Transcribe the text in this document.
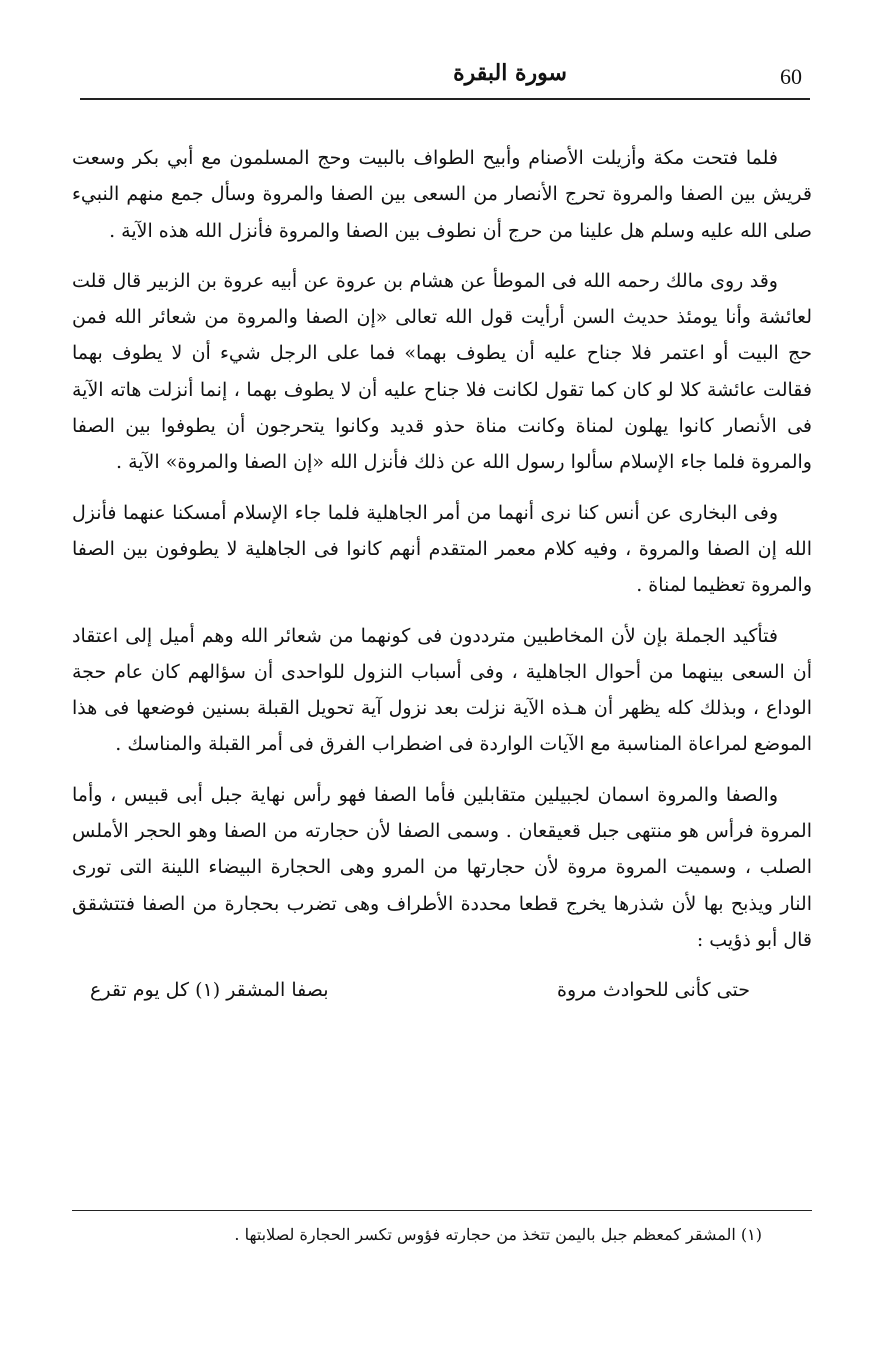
سورة البقرة	60

فلما فتحت مكة وأزيلت الأصنام وأبيح الطواف بالبيت وحج المسلمون مع أبي بكر وسعت قريش بين الصفا والمروة تحرج الأنصار من السعى بين الصفا والمروة وسأل جمع منهم النبيء صلى الله عليه وسلم هل علينا من حرج أن نطوف بين الصفا والمروة فأنزل الله هذه الآية .

وقد روى مالك رحمه الله فى الموطأ عن هشام بن عروة عن أبيه عروة بن الزبير قال قلت لعائشة وأنا يومئذ حديث السن أرأيت قول الله تعالى «إن الصفا والمروة من شعائر الله فمن حج البيت أو اعتمر فلا جناح عليه أن يطوف بهما» فما على الرجل شيء أن لا يطوف بهما فقالت عائشة كلا لو كان كما تقول لكانت فلا جناح عليه أن لا يطوف بهما ، إنما أنزلت هاته الآية فى الأنصار كانوا يهلون لمناة وكانت مناة حذو قديد وكانوا يتحرجون أن يطوفوا بين الصفا والمروة فلما جاء الإسلام سألوا رسول الله عن ذلك فأنزل الله «إن الصفا والمروة» الآية .

وفى البخارى عن أنس كنا نرى أنهما من أمر الجاهلية فلما جاء الإسلام أمسكنا عنهما فأنزل الله إن الصفا والمروة ، وفيه كلام معمر المتقدم أنهم كانوا فى الجاهلية لا يطوفون بين الصفا والمروة تعظيما لمناة .

فتأكيد الجملة بإن لأن المخاطبين مترددون فى كونهما من شعائر الله وهم أميل إلى اعتقاد أن السعى بينهما من أحوال الجاهلية ، وفى أسباب النزول للواحدى أن سؤالهم كان عام حجة الوداع ، وبذلك كله يظهر أن هـذه الآية نزلت بعد نزول آية تحويل القبلة بسنين فوضعها فى هذا الموضع لمراعاة المناسبة مع الآيات الواردة فى اضطراب الفرق فى أمر القبلة والمناسك .

والصفا والمروة اسمان لجبيلين متقابلين فأما الصفا فهو رأس نهاية جبل أبى قبيس ، وأما المروة فرأس هو منتهى جبل قعيقعان . وسمى الصفا لأن حجارته من الصفا وهو الحجر الأملس الصلب ، وسميت المروة مروة لأن حجارتها من المرو وهى الحجارة البيضاء اللينة التى تورى النار ويذبح بها لأن شذرها يخرج قطعا محددة الأطراف وهى تضرب بحجارة من الصفا فتتشقق قال أبو ذؤيب :

حتى كأنى للحوادث مروة
بصفا المشقر (١) كل يوم تقرع
(١) المشقر كمعظم جبل باليمن تتخذ من حجارته فؤوس تكسر الحجارة لصلابتها .
